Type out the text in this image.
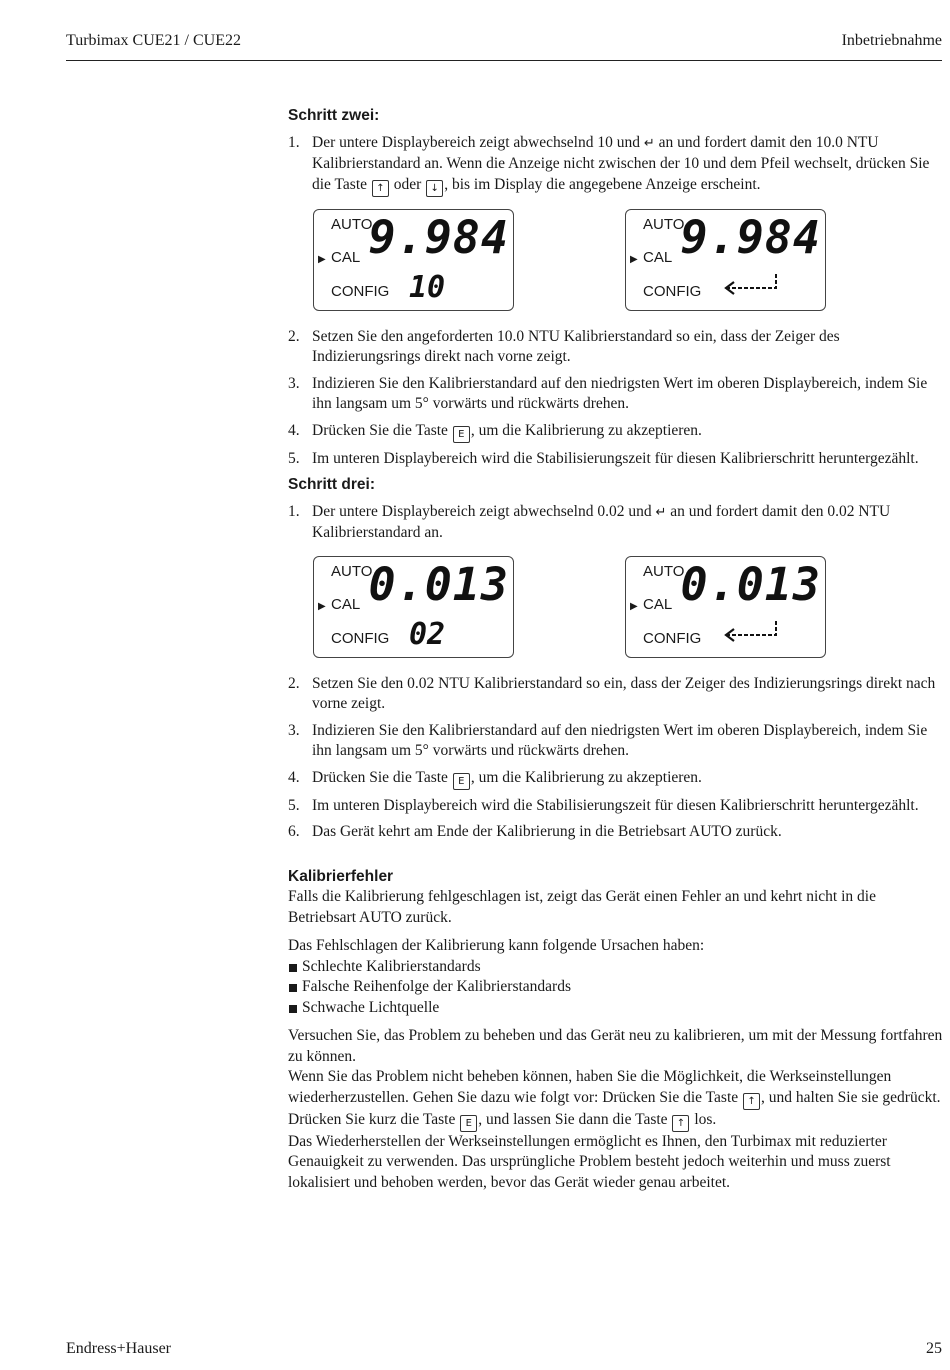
Turbimax CUE21 / CUE22	Inbetriebnahme
Schritt zwei:
1. Der untere Displaybereich zeigt abwechselnd 10 und ↵ an und fordert damit den 10.0 NTU Kalibrierstandard an. Wenn die Anzeige nicht zwischen der 10 und dem Pfeil wechselt, drücken Sie die Taste ↑ oder ↓ , bis im Display die angegebene Anzeige erscheint.
AUTO
▶ CAL
CONFIG
9.984
10
AUTO
▶ CAL
CONFIG
9.984
2. Setzen Sie den angeforderten 10.0 NTU Kalibrierstandard so ein, dass der Zeiger des Indizierungsrings direkt nach vorne zeigt.
3. Indizieren Sie den Kalibrierstandard auf den niedrigsten Wert im oberen Displaybereich, indem Sie ihn langsam um 5° vorwärts und rückwärts drehen.
4. Drücken Sie die Taste E , um die Kalibrierung zu akzeptieren.
5. Im unteren Displaybereich wird die Stabilisierungszeit für diesen Kalibrierschritt heruntergezählt.
Schritt drei:
1. Der untere Displaybereich zeigt abwechselnd 0.02 und ↵ an und fordert damit den 0.02 NTU Kalibrierstandard an.
AUTO
▶ CAL
CONFIG
0.013
02
AUTO
▶ CAL
CONFIG
0.013
2. Setzen Sie den 0.02 NTU Kalibrierstandard so ein, dass der Zeiger des Indizierungsrings direkt nach vorne zeigt.
3. Indizieren Sie den Kalibrierstandard auf den niedrigsten Wert im oberen Displaybereich, indem Sie ihn langsam um 5° vorwärts und rückwärts drehen.
4. Drücken Sie die Taste E , um die Kalibrierung zu akzeptieren.
5. Im unteren Displaybereich wird die Stabilisierungszeit für diesen Kalibrierschritt heruntergezählt.
6. Das Gerät kehrt am Ende der Kalibrierung in die Betriebsart AUTO zurück.
Kalibrierfehler

Falls die Kalibrierung fehlgeschlagen ist, zeigt das Gerät einen Fehler an und kehrt nicht in die Betriebsart AUTO zurück.

Das Fehlschlagen der Kalibrierung kann folgende Ursachen haben:

Schlechte Kalibrierstandards
Falsche Reihenfolge der Kalibrierstandards
Schwache Lichtquelle

Versuchen Sie, das Problem zu beheben und das Gerät neu zu kalibrieren, um mit der Messung fortfahren zu können.

Wenn Sie das Problem nicht beheben können, haben Sie die Möglichkeit, die Werkseinstellungen wiederherzustellen. Gehen Sie dazu wie folgt vor: Drücken Sie die Taste ↑ , und halten Sie sie gedrückt. Drücken Sie kurz die Taste E , und lassen Sie dann die Taste ↑ los.

Das Wiederherstellen der Werkseinstellungen ermöglicht es Ihnen, den Turbimax mit reduzierter Genauigkeit zu verwenden. Das ursprüngliche Problem besteht jedoch weiterhin und muss zuerst lokalisiert und behoben werden, bevor das Gerät wieder genau arbeitet.

Endress+Hauser	25
